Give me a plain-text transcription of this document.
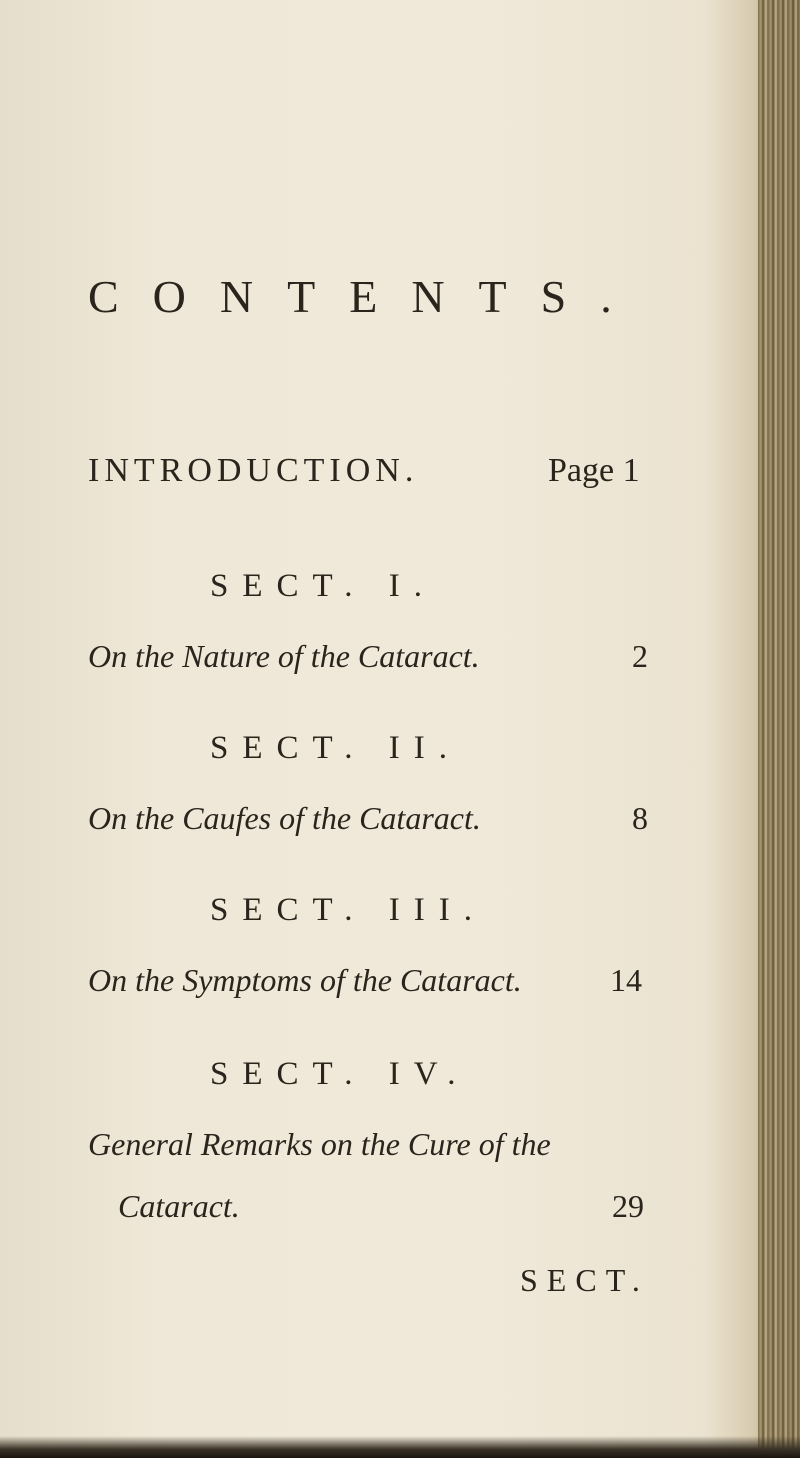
CONTENTS.
INTRODUCTION.	Page 1
SECT. I.
On the Nature of the Cataract.	2
SECT. II.
On the Caufes of the Cataract.	8
SECT. III.
On the Symptoms of the Cataract.	14
SECT. IV.
General Remarks on the Cure of the
Cataract.	29
SECT.
